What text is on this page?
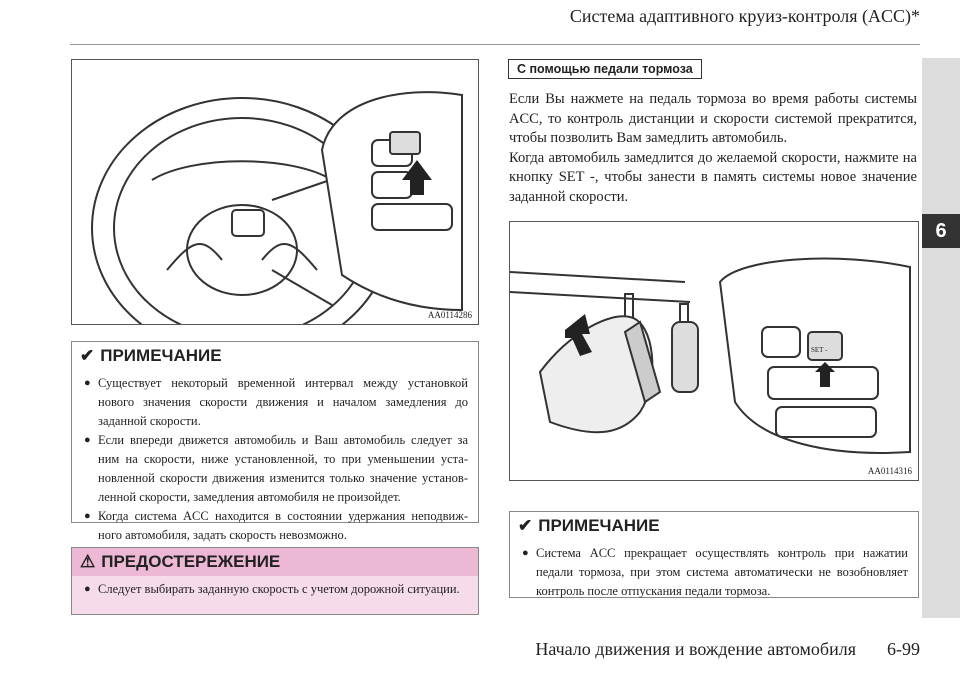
Система адаптивного круиз-контроля (ACC)*
6
AA0114286
✔ ПРИМЕЧАНИЕ
● Существует некоторый временной интервал между установкой нового значения скорости движения и началом замедления до заданной скорости.
● Если впереди движется автомобиль и Ваш автомобиль следует за ним на скорости, ниже установленной, то при уменьшении уста-новленной скорости движения изменится только значение установ-ленной скорости, замедления автомобиля не произойдет.
● Когда система ACC находится в состоянии удержания неподвиж-ного автомобиля, задать скорость невозможно.
⚠ ПРЕДОСТЕРЕЖЕНИЕ
● Следует выбирать заданную скорость с учетом дорожной ситуации.
С помощью педали тормоза

Если Вы нажмете на педаль тормоза во время работы системы ACC, то контроль дистанции и скорости системой прекратится, чтобы позволить Вам замедлить автомобиль.

Когда автомобиль замедлится до желаемой скорости, нажмите на кнопку SET -, чтобы занести в память системы новое значение заданной скорости.

SET -
AA0114316
✔ ПРИМЕЧАНИЕ
● Система ACC прекращает осуществлять контроль при нажатии педали тормоза, при этом система автоматически не возобновляет контроль после отпускания педали тормоза.
Начало движения и вождение автомобиля 6-99
